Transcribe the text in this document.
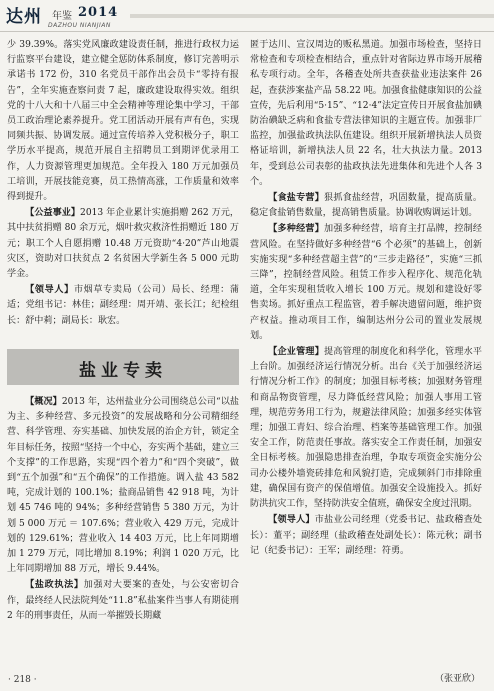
达州 年鉴 2014
DAZHOU NIANJIAN

少 39.39%。落实党风廉政建设责任制，推进行政权力运行监察平台建设，建立健全惩防体系制度，修订完善明示承诺书 172 份，310 名党员干部作出会员卡“零持有报告”，全年实施查察问责 7 起，廉政建设取得实效。组织党的十八大和十八届三中全会精神等理论集中学习，干部员工政治理论素养提升。党工团活动开展有声有色，实现同频共振、协调发展。通过宣传培养入党积极分子，职工学历水平提高，规范开展自主招聘员工到期评优录用工作，人力资源管理更加规范。全年投入 180 万元加强员工培训，开展技能竞赛，员工热情高涨，工作质量和效率得到提升。

【公益事业】2013 年企业累计实施捐赠 262 万元，其中扶贫捐赠 80 余万元，烟叶救灾救济性捐赠近 180 万元；职工个人自愿捐赠 10.48 万元资助“4·20”芦山地震灾区，资助对口扶贫点 2 名贫困大学新生各 5 000 元助学金。

【领导人】市烟草专卖局（公司）局长、经理：蒲适；党组书记：林佳；副经理：周开靖、张长江；纪检组长：舒中莉；副局长：耿宏。

盐业专卖

【概况】2013 年，达州盐业分公司围绕总公司“以盐为主、多种经营、多元投资”的发展战略和分公司精细经营、科学管理、夯实基础、加快发展的治企方针，锁定全年目标任务，按照“坚持一个中心，夯实两个基础，建立三个支撑”的工作思路，实现“四个着力”和“四个突破”，做到“五个加强”和“五个确保”的工作措施。调入盐 43 582 吨，完成计划的 100.1%；盐商品销售 42 918 吨，为计划 45 746 吨的 94%；多种经营销售 5 380 万元，为计划 5 000 万元 ＝ 107.6%；营业收入 429 万元，完成计划的 129.61%；营业收入 14 403 万元，比上年同期增加 1 279 万元，同比增加 8.19%；利润 1 020 万元，比上年同期增加 88 万元，增长 9.44%。

【盐政执法】加强对大要案的查处，与公安密切合作，最终经人民法院判处“11.8”私盐案件当事人有期徒刑 2 年的刑事责任，从而一举摧毁长期藏

匿于达川、宣汉周边的贩私黑道。加强市场检查，坚持日常检查和专项检查相结合，重点针对省际边界市场开展稽私专项行动。全年，各稽查处所共查获盐业违法案件 26 起，查获涉案盐产品 58.22 吨。加强食盐健康知识的公益宣传，先后利用“5·15”、“12·4”法定宣传日开展食盐加碘防治碘缺乏病和食盐专营法律知识的主题宣传。加强非厂监控，加强盐政执法队伍建设。组织开展新增执法人员资格证培训，新增执法人员 22 名，壮大执法力量。2013 年，受到总公司表彰的盐政执法先进集体和先进个人各 3 个。

【食盐专营】狠抓食盐经营，巩固数量，提高质量。稳定食盐销售数量，提高销售质量。协调收购调运计划。

【多种经营】加强多种经营，培育主打品牌，控制经营风险。在坚持做好多种经营“6 个必须”的基础上，创新实施实现“多种经营超主营”的“三步走路径”，实施“三抓三降”，控制经营风险。租赁工作步入程序化、规范化轨道，全年实现租赁收入增长 100 万元。规划和建设好零售卖场。抓好重点工程监管，着手解决遗留问题，维护资产权益。推动项目工作，编制达州分公司的置业发展规划。

【企业管理】提高管理的制度化和科学化，管理水平上台阶。加强经济运行情况分析。出台《关于加强经济运行情况分析工作》的制度；加强目标考核；加强财务管理和商品物资管理，尽力降低经营风险；加强人事用工管理，规范劳务用工行为，规避法律风险；加强多经实体管理；加强工青妇、综合治理、档案等基础管理工作。加强安全工作，防范责任事故。落实安全工作责任制，加强安全日标考核。加强隐患排查治理，争取专项资金实施分公司办公楼外墙瓷砖排危和风貌打造，完成频斜门市排除重建，确保国有资产的保值增值。加强安全设施投入。抓好防洪抗灾工作，坚持防洪安全值班，确保安全度过汛期。

【领导人】市盐业公司经理（党委书记、盐政稽查处长）：董平；副经理（盐政稽查处副处长）：陈元秋；副书记（纪委书记）：王军；副经理：符勇。

（张亚欣）
· 218 ·
